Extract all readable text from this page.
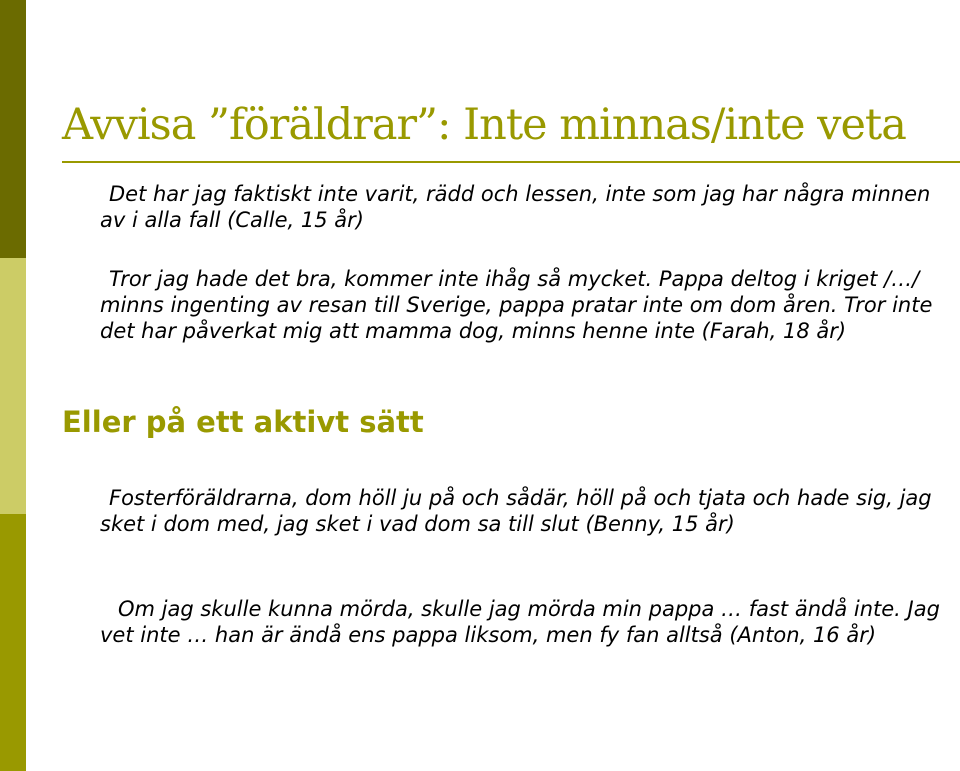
Avvisa ”föräldrar”: Inte minnas/inte veta

Det har jag faktiskt inte varit, rädd och lessen, inte som jag har några minnen av i alla fall (Calle, 15 år)

Tror jag hade det bra, kommer inte ihåg så mycket. Pappa deltog i kriget /…/ minns ingenting av resan till Sverige, pappa pratar inte om dom åren. Tror inte det har påverkat mig att mamma dog, minns henne inte (Farah, 18 år)

Eller på ett aktivt sätt

Fosterföräldrarna, dom höll ju på och sådär, höll på och tjata och hade sig, jag sket i dom med, jag sket i vad dom sa till slut (Benny, 15 år)

Om jag skulle kunna mörda, skulle jag mörda min pappa … fast ändå inte. Jag vet inte … han är ändå ens pappa liksom, men fy fan alltså (Anton, 16 år)
